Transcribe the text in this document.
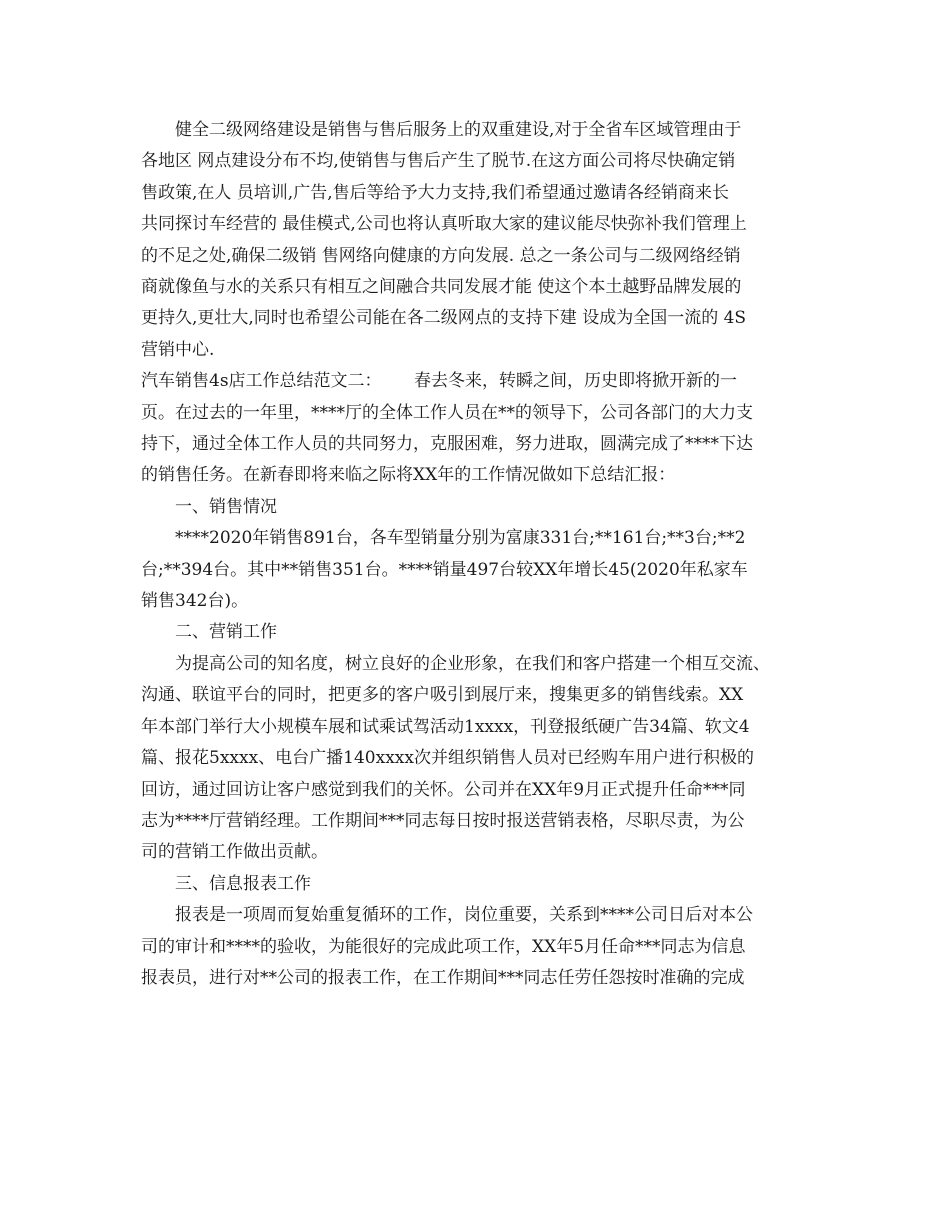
　　健全二级网络建设是销售与售后服务上的双重建设,对于全省车区域管理由于
各地区 网点建设分布不均,使销售与售后产生了脱节.在这方面公司将尽快确定销
售政策,在人 员培训,广告,售后等给予大力支持,我们希望通过邀请各经销商来长
共同探讨车经营的 最佳模式,公司也将认真听取大家的建议能尽快弥补我们管理上
的不足之处,确保二级销 售网络向健康的方向发展. 总之一条公司与二级网络经销
商就像鱼与水的关系只有相互之间融合共同发展才能 使这个本土越野品牌发展的
更持久,更壮大,同时也希望公司能在各二级网点的支持下建 设成为全国一流的 4S
营销中心.
汽车销售4s店工作总结范文二：      春去冬来，转瞬之间，历史即将掀开新的一
页。在过去的一年里，****厅的全体工作人员在**的领导下，公司各部门的大力支
持下，通过全体工作人员的共同努力，克服困难，努力进取，圆满完成了****下达
的销售任务。在新春即将来临之际将XX年的工作情况做如下总结汇报：
　　一、销售情况
　　****2020年销售891台，各车型销量分别为富康331台;**161台;**3台;**2
台;**394台。其中**销售351台。****销量497台较XX年增长45(2020年私家车
销售342台)。
　　二、营销工作
　　为提高公司的知名度，树立良好的企业形象，在我们和客户搭建一个相互交流、
沟通、联谊平台的同时，把更多的客户吸引到展厅来，搜集更多的销售线索。XX
年本部门举行大小规模车展和试乘试驾活动1xxxx，刊登报纸硬广告34篇、软文4
篇、报花5xxxx、电台广播140xxxx次并组织销售人员对已经购车用户进行积极的
回访，通过回访让客户感觉到我们的关怀。公司并在XX年9月正式提升任命***同
志为****厅营销经理。工作期间***同志每日按时报送营销表格，尽职尽责，为公
司的营销工作做出贡献。
　　三、信息报表工作
　　报表是一项周而复始重复循环的工作，岗位重要，关系到****公司日后对本公
司的审计和****的验收，为能很好的完成此项工作，XX年5月任命***同志为信息
报表员，进行对**公司的报表工作，在工作期间***同志任劳任怨按时准确的完成
